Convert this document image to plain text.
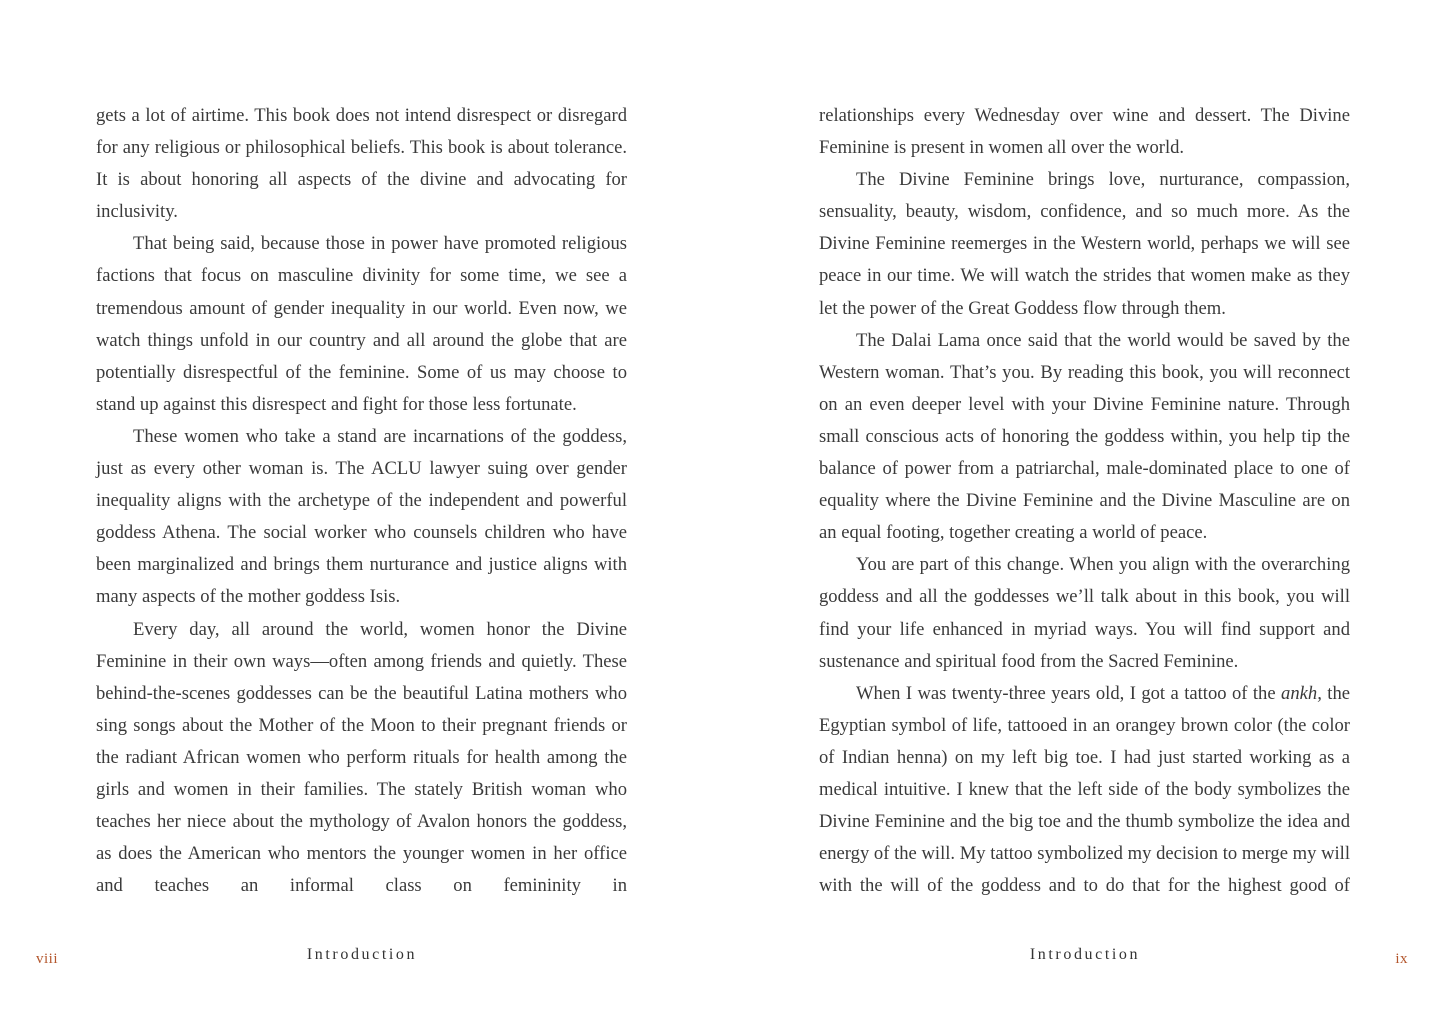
gets a lot of airtime. This book does not intend disrespect or disregard for any religious or philosophical beliefs. This book is about tolerance. It is about honoring all aspects of the divine and advocating for inclusivity.

That being said, because those in power have promoted religious factions that focus on masculine divinity for some time, we see a tremendous amount of gender inequality in our world. Even now, we watch things unfold in our country and all around the globe that are potentially disrespectful of the feminine. Some of us may choose to stand up against this disrespect and fight for those less fortunate.

These women who take a stand are incarnations of the goddess, just as every other woman is. The ACLU lawyer suing over gender inequality aligns with the archetype of the independent and powerful goddess Athena. The social worker who counsels children who have been marginalized and brings them nurturance and justice aligns with many aspects of the mother goddess Isis.

Every day, all around the world, women honor the Divine Feminine in their own ways—often among friends and quietly. These behind-the-scenes goddesses can be the beautiful Latina mothers who sing songs about the Mother of the Moon to their pregnant friends or the radiant African women who perform rituals for health among the girls and women in their families. The stately British woman who teaches her niece about the mythology of Avalon honors the goddess, as does the American who mentors the younger women in her office and teaches an informal class on femininity in

viii	Introduction

relationships every Wednesday over wine and dessert. The Divine Feminine is present in women all over the world.

The Divine Feminine brings love, nurturance, compassion, sensuality, beauty, wisdom, confidence, and so much more. As the Divine Feminine reemerges in the Western world, perhaps we will see peace in our time. We will watch the strides that women make as they let the power of the Great Goddess flow through them.

The Dalai Lama once said that the world would be saved by the Western woman. That’s you. By reading this book, you will reconnect on an even deeper level with your Divine Feminine nature. Through small conscious acts of honoring the goddess within, you help tip the balance of power from a patriarchal, male-dominated place to one of equality where the Divine Feminine and the Divine Masculine are on an equal footing, together creating a world of peace.

You are part of this change. When you align with the overarching goddess and all the goddesses we’ll talk about in this book, you will find your life enhanced in myriad ways. You will find support and sustenance and spiritual food from the Sacred Feminine.

When I was twenty-three years old, I got a tattoo of the ankh, the Egyptian symbol of life, tattooed in an orangey brown color (the color of Indian henna) on my left big toe. I had just started working as a medical intuitive. I knew that the left side of the body symbolizes the Divine Feminine and the big toe and the thumb symbolize the idea and energy of the will. My tattoo symbolized my decision to merge my will with the will of the goddess and to do that for the highest good of

Introduction	ix
